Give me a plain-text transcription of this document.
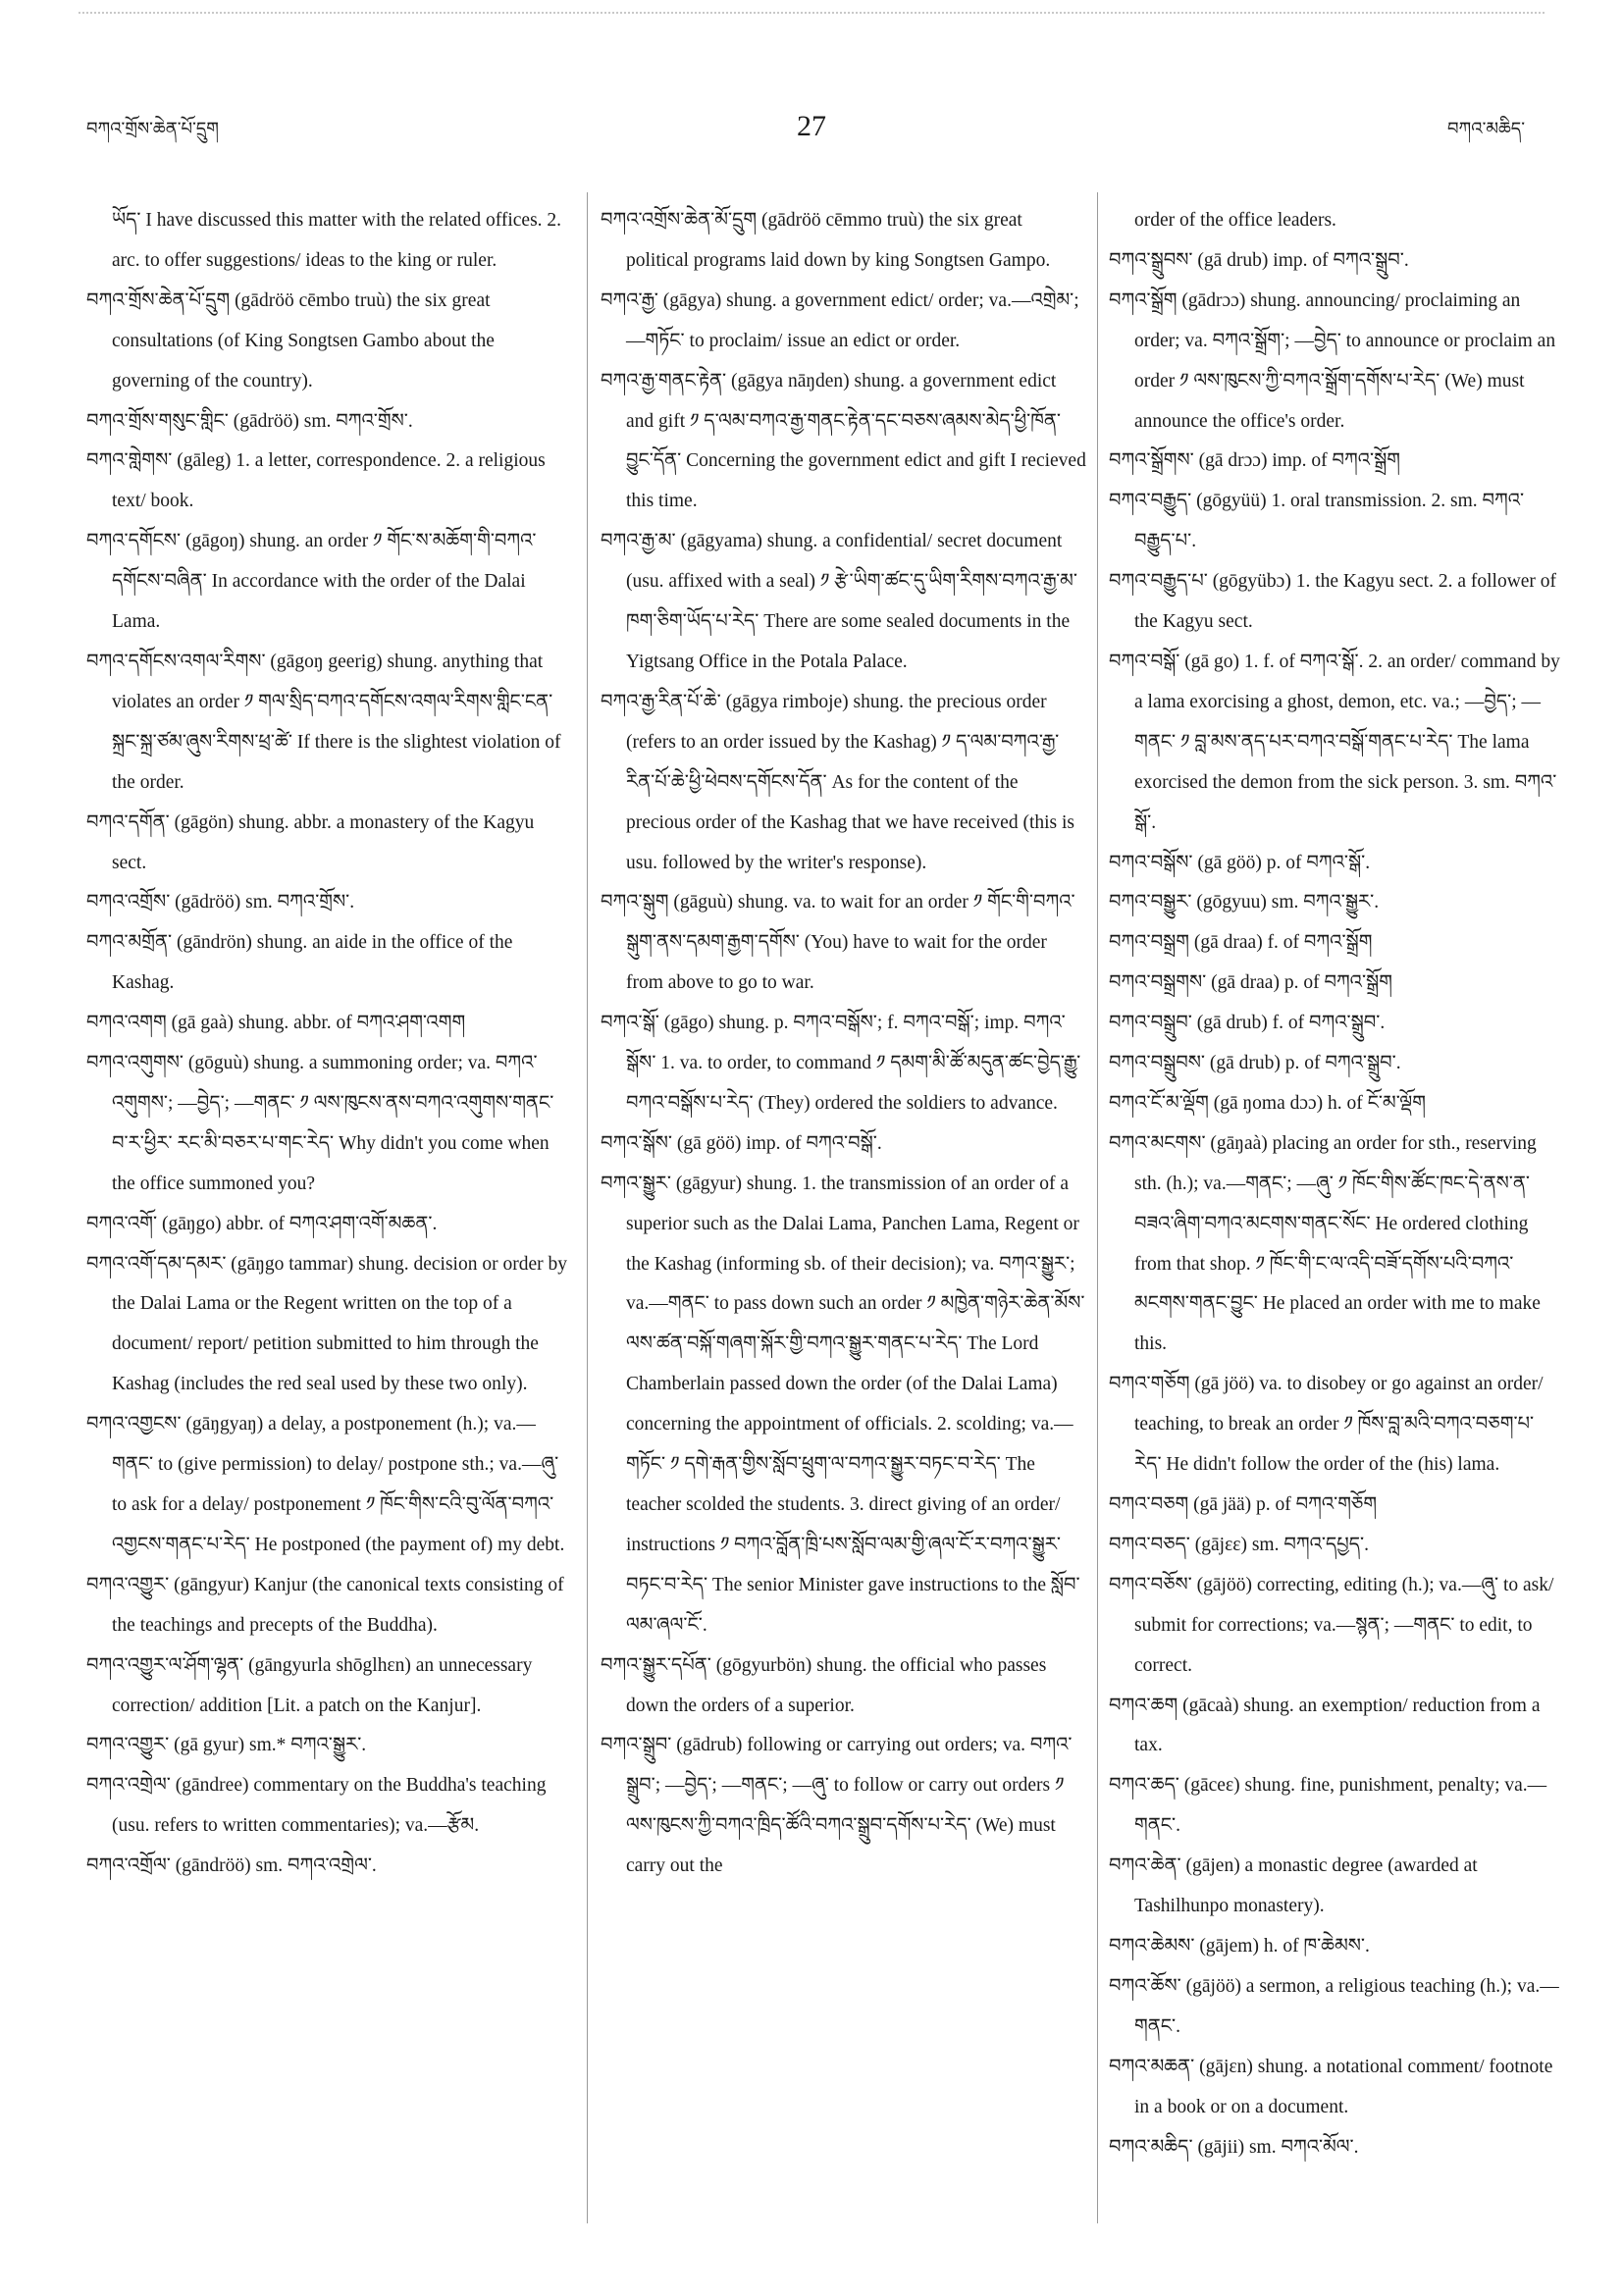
བཀའ་གྲོས་ཆེན་པོ་དྲུག	27	བཀའ་མཆིད་

ཡོད་ I have discussed this matter with the related offices. 2. arc. to offer suggestions/ ideas to the king or ruler.

བཀའ་གྲོས་ཆེན་པོ་དྲུག (gādröö cēmbo truù) the six great consultations (of King Songtsen Gambo about the governing of the country).

བཀའ་གྲོས་གསུང་གླིང་ (gādröö) sm. བཀའ་གྲོས་.

བཀའ་གླེགས་ (gāleg) 1. a letter, correspondence. 2. a religious text/ book.

བཀའ་དགོངས་ (gāgoŋ) shung. an order ༡ གོང་ས་མཆོག་གི་བཀའ་དགོངས་བཞིན་ In accordance with the order of the Dalai Lama.

བཀའ་དགོངས་འགལ་རིགས་ (gāgoŋ geerig) shung. anything that violates an order ༡ གལ་སྲིད་བཀའ་དགོངས་འགལ་རིགས་གླིང་ངན་སྐྲང་སྐྲ་ཙམ་ཞུས་རིགས་ཕྲ་ཚེ་ If there is the slightest violation of the order.

བཀའ་དགོན་ (gāgön) shung. abbr. a monastery of the Kagyu sect.

བཀའ་འགྲོས་ (gādröö) sm. བཀའ་གྲོས་.

བཀའ་མགྲོན་ (gāndrön) shung. an aide in the office of the Kashag.

བཀའ་འགག (gā gaà) shung. abbr. of བཀའ་ཤག་འགག

བཀའ་འགུགས་ (gōguù) shung. a summoning order; va. བཀའ་འགུགས་; —བྱེད་; —གནང་ ༡ ལས་ཁུངས་ནས་བཀའ་འགུགས་གནང་བ་ར་ཕྱིར་ རང་མི་བཅར་པ་གང་རེད་ Why didn't you come when the office summoned you?

བཀའ་འགོ་ (gāŋgo) abbr. of བཀའ་ཤག་འགོ་མཆན་.

བཀའ་འགོ་དམ་དམར་ (gāŋgo tammar) shung. decision or order by the Dalai Lama or the Regent written on the top of a document/ report/ petition submitted to him through the Kashag (includes the red seal used by these two only).

བཀའ་འགྱངས་ (gāŋgyaŋ) a delay, a postponement (h.); va.—གནང་ to (give permission) to delay/ postpone sth.; va.—ཞུ་ to ask for a delay/ postponement ༡ ཁོང་གིས་ངའི་བུ་ལོན་བཀའ་འགྱངས་གནང་པ་རེད་ He postponed (the payment of) my debt.

བཀའ་འགྱུར་ (gāngyur) Kanjur (the canonical texts consisting of the teachings and precepts of the Buddha).

བཀའ་འགྱུར་ལ་ཤོག་ལྷན་ (gāngyurla shōglhɛn) an unnecessary correction/ addition [Lit. a patch on the Kanjur].

བཀའ་འགྱུར་ (gā gyur) sm.* བཀའ་སྒྱུར་.

བཀའ་འགྲེལ་ (gāndree) commentary on the Buddha's teaching (usu. refers to written commentaries); va.—རྩོམ.

བཀའ་འགྲོལ་ (gāndröö) sm. བཀའ་འགྲེལ་.

བཀའ་འགྲོས་ཆེན་མོ་དྲུག (gādröö cēmmo truù) the six great political programs laid down by king Songtsen Gampo.

བཀའ་རྒྱ་ (gāgya) shung. a government edict/ order; va.—འགྲེམ་; —གཏོང་ to proclaim/ issue an edict or order.

བཀའ་རྒྱ་གནང་རྟེན་ (gāgya nāŋden) shung. a government edict and gift ༡ ད་ལམ་བཀའ་རྒྱ་གནང་རྟེན་དང་བཅས་ཞམས་མེད་ཕྱི་ཁོན་བྱུང་དོན་ Concerning the government edict and gift I recieved this time.

བཀའ་རྒྱ་མ་ (gāgyama) shung. a confidential/ secret document (usu. affixed with a seal) ༡ རྩེ་ཡིག་ཚང་དུ་ཡིག་རིགས་བཀའ་རྒྱ་མ་ཁག་ཅིག་ཡོད་པ་རེད་ There are some sealed documents in the Yigtsang Office in the Potala Palace.

བཀའ་རྒྱ་རིན་པོ་ཆེ་ (gāgya rimboje) shung. the precious order (refers to an order issued by the Kashag) ༡ ད་ལམ་བཀའ་རྒྱ་རིན་པོ་ཆེ་ཕྱི་ཕེབས་དགོངས་དོན་ As for the content of the precious order of the Kashag that we have received (this is usu. followed by the writer's response).

བཀའ་སྒུག (gāguù) shung. va. to wait for an order ༡ གོང་གི་བཀའ་སྒུག་ནས་དམག་རྒྱག་དགོས་ (You) have to wait for the order from above to go to war.

བཀའ་སྒོ་ (gāgo) shung. p. བཀའ་བསྒོས་; f. བཀའ་བསྒོ་; imp. བཀའ་སྒོས་ 1. va. to order, to command ༡ དམག་མི་ཚོ་མདུན་ཚང་བྱེད་རྒྱུ་བཀའ་བསྒོས་པ་རེད་ (They) ordered the soldiers to advance.

བཀའ་སྒོས་ (gā göö) imp. of བཀའ་བསྒོ་.

བཀའ་སྒྱུར་ (gāgyur) shung. 1. the transmission of an order of a superior such as the Dalai Lama, Panchen Lama, Regent or the Kashag (informing sb. of their decision); va. བཀའ་སྒྱུར་; va.—གནང་ to pass down such an order ༡ མཁྱེན་གཉེར་ཆེན་མོས་ལས་ཚན་བསྐོ་གཞག་སྐོར་གྱི་བཀའ་སྒྱུར་གནང་པ་རེད་ The Lord Chamberlain passed down the order (of the Dalai Lama) concerning the appointment of officials. 2. scolding; va.—གཏོང་ ༡ དགེ་རྒན་གྱིས་སློབ་ཕྲུག་ལ་བཀའ་སྒྱུར་བཏང་བ་རེད་ The teacher scolded the students. 3. direct giving of an order/ instructions ༡ བཀའ་བློན་ཁྲི་པས་སློབ་ལམ་གྱི་ཞལ་ངོ་ར་བཀའ་སྒྱུར་བཏང་བ་རེད་ The senior Minister gave instructions to the སློབ་ལམ་ཞལ་ངོ་.

བཀའ་སྒྱུར་དཔོན་ (gōgyurbön) shung. the official who passes down the orders of a superior.

བཀའ་སྒྲུབ་ (gādrub) following or carrying out orders; va. བཀའ་སྒྲུབ་; —བྱེད་; —གནང་; —ཞུ་ to follow or carry out orders ༡ ལས་ཁུངས་ཀྱི་བཀའ་ཁྲིད་ཚོའི་བཀའ་སྒྲུབ་དགོས་པ་རེད་ (We) must carry out the

order of the office leaders.

བཀའ་སྒྲུབས་ (gā drub) imp. of བཀའ་སྒྲུབ་.

བཀའ་སྒྲོག (gādrɔɔ) shung. announcing/ proclaiming an order; va. བཀའ་སྒྲོག་; —བྱེད་ to announce or proclaim an order ༡ ལས་ཁུངས་ཀྱི་བཀའ་སྒྲོག་དགོས་པ་རེད་ (We) must announce the office's order.

བཀའ་སྒྲོགས་ (gā drɔɔ) imp. of བཀའ་སྒྲོག

བཀའ་བརྒྱུད་ (gōgyüü) 1. oral transmission. 2. sm. བཀའ་བརྒྱུད་པ་.

བཀའ་བརྒྱུད་པ་ (gōgyübɔ) 1. the Kagyu sect. 2. a follower of the Kagyu sect.

བཀའ་བསྒོ་ (gā go) 1. f. of བཀའ་སྒོ་. 2. an order/ command by a lama exorcising a ghost, demon, etc. va.; —བྱེད་; —གནང་ ༡ བླ་མས་ནད་པར་བཀའ་བསྒོ་གནང་པ་རེད་ The lama exorcised the demon from the sick person. 3. sm. བཀའ་སྒོ་.

བཀའ་བསྒོས་ (gā göö) p. of བཀའ་སྒོ་.

བཀའ་བསྒྱུར་ (gōgyuu) sm. བཀའ་སྒྱུར་.

བཀའ་བསྒྲག (gā draa) f. of བཀའ་སྒྲོག

བཀའ་བསྒྲགས་ (gā draa) p. of བཀའ་སྒྲོག

བཀའ་བསྒྲུབ་ (gā drub) f. of བཀའ་སྒྲུབ་.

བཀའ་བསྒྲུབས་ (gā drub) p. of བཀའ་སྒྲུབ་.

བཀའ་ངོ་མ་ལྡོག (gā ŋoma dɔɔ) h. of ངོ་མ་ལྡོག

བཀའ་མངགས་ (gāŋaà) placing an order for sth., reserving sth. (h.); va.—གནང་; —ཞུ་ ༡ ཁོང་གིས་ཚོང་ཁང་དེ་ནས་ན་བཟའ་ཞིག་བཀའ་མངགས་གནང་སོང་ He ordered clothing from that shop. ༡ ཁོང་གི་ང་ལ་འདི་བཟོ་དགོས་པའི་བཀའ་མངགས་གནང་བྱུང་ He placed an order with me to make this.

བཀའ་གཅོག (gā jöö) va. to disobey or go against an order/ teaching, to break an order ༡ ཁོས་བླ་མའི་བཀའ་བཅག་པ་རེད་ He didn't follow the order of the (his) lama.

བཀའ་བཅག (gā jää) p. of བཀའ་གཅོག

བཀའ་བཅད་ (gājɛɛ) sm. བཀའ་དཔྱད་.

བཀའ་བཅོས་ (gājöö) correcting, editing (h.); va.—ཞུ་ to ask/ submit for corrections; va.—སྙན་; —གནང་ to edit, to correct.

བཀའ་ཆག (gācaà) shung. an exemption/ reduction from a tax.

བཀའ་ཆད་ (gāceɛ) shung. fine, punishment, penalty; va.—གནང་.

བཀའ་ཆེན་ (gājen) a monastic degree (awarded at Tashilhunpo monastery).

བཀའ་ཆེམས་ (gājem) h. of ཁ་ཆེམས་.

བཀའ་ཆོས་ (gājöö) a sermon, a religious teaching (h.); va.—གནང་.

བཀའ་མཆན་ (gājɛn) shung. a notational comment/ footnote in a book or on a document.

བཀའ་མཆིད་ (gājii) sm. བཀའ་མོལ་.
